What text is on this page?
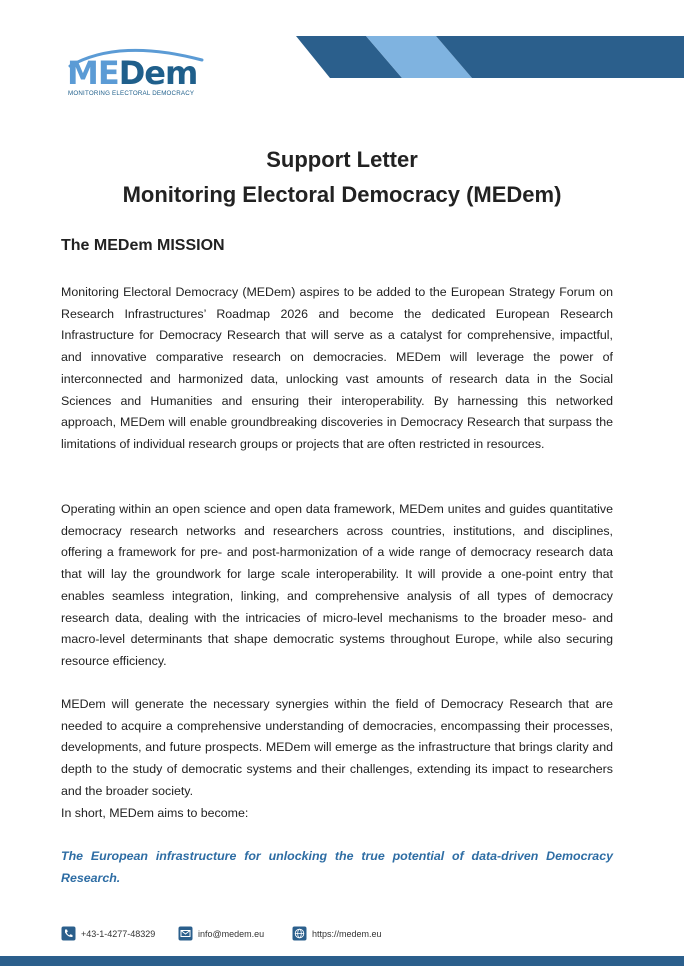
MEDem
MONITORING ELECTORAL DEMOCRACY
Support Letter
Monitoring Electoral Democracy (MEDem)
The MEDem MISSION
Monitoring Electoral Democracy (MEDem) aspires to be added to the European Strategy Forum on Research Infrastructures’ Roadmap 2026 and become the dedicated European Research Infrastructure for Democracy Research that will serve as a catalyst for comprehensive, impactful, and innovative comparative research on democracies. MEDem will leverage the power of interconnected and harmonized data, unlocking vast amounts of research data in the Social Sciences and Humanities and ensuring their interoperability. By harnessing this networked approach, MEDem will enable groundbreaking discoveries in Democracy Research that surpass the limitations of individual research groups or projects that are often restricted in resources.
Operating within an open science and open data framework, MEDem unites and guides quantitative democracy research networks and researchers across countries, institutions, and disciplines, offering a framework for pre- and post-harmonization of a wide range of democracy research data that will lay the groundwork for large scale interoperability. It will provide a one-point entry that enables seamless integration, linking, and comprehensive analysis of all types of democracy research data, dealing with the intricacies of micro-level mechanisms to the broader meso- and macro-level determinants that shape democratic systems throughout Europe, while also securing resource efficiency.
MEDem will generate the necessary synergies within the field of Democracy Research that are needed to acquire a comprehensive understanding of democracies, encompassing their processes, developments, and future prospects. MEDem will emerge as the infrastructure that brings clarity and depth to the study of democratic systems and their challenges, extending its impact to researchers and the broader society.
In short, MEDem aims to become:
The European infrastructure for unlocking the true potential of data-driven Democracy Research.
+43-1-4277-48329	info@medem.eu	https://medem.eu
